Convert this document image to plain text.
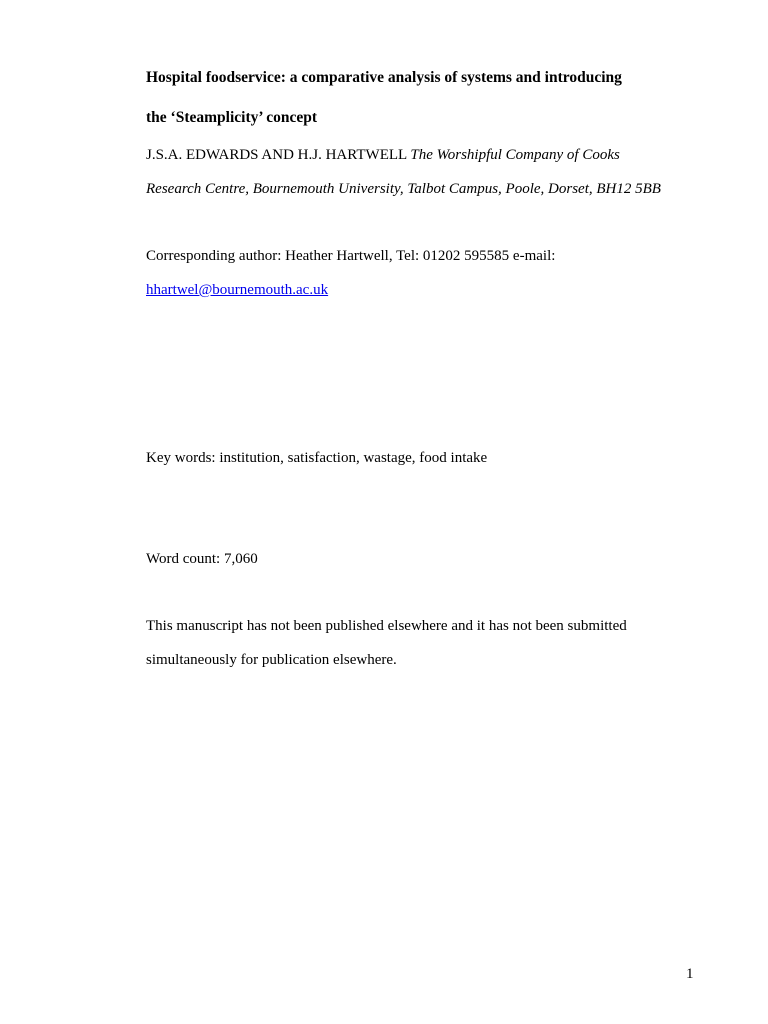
Hospital foodservice: a comparative analysis of systems and introducing
the ‘Steamplicity’ concept
J.S.A. EDWARDS AND H.J. HARTWELL The Worshipful Company of Cooks
Research Centre, Bournemouth University, Talbot Campus, Poole, Dorset, BH12 5BB
Corresponding author: Heather Hartwell, Tel: 01202 595585 e-mail:
hhartwel@bournemouth.ac.uk
Key words: institution, satisfaction, wastage, food intake
Word count: 7,060
This manuscript has not been published elsewhere and it has not been submitted
simultaneously for publication elsewhere.
1
